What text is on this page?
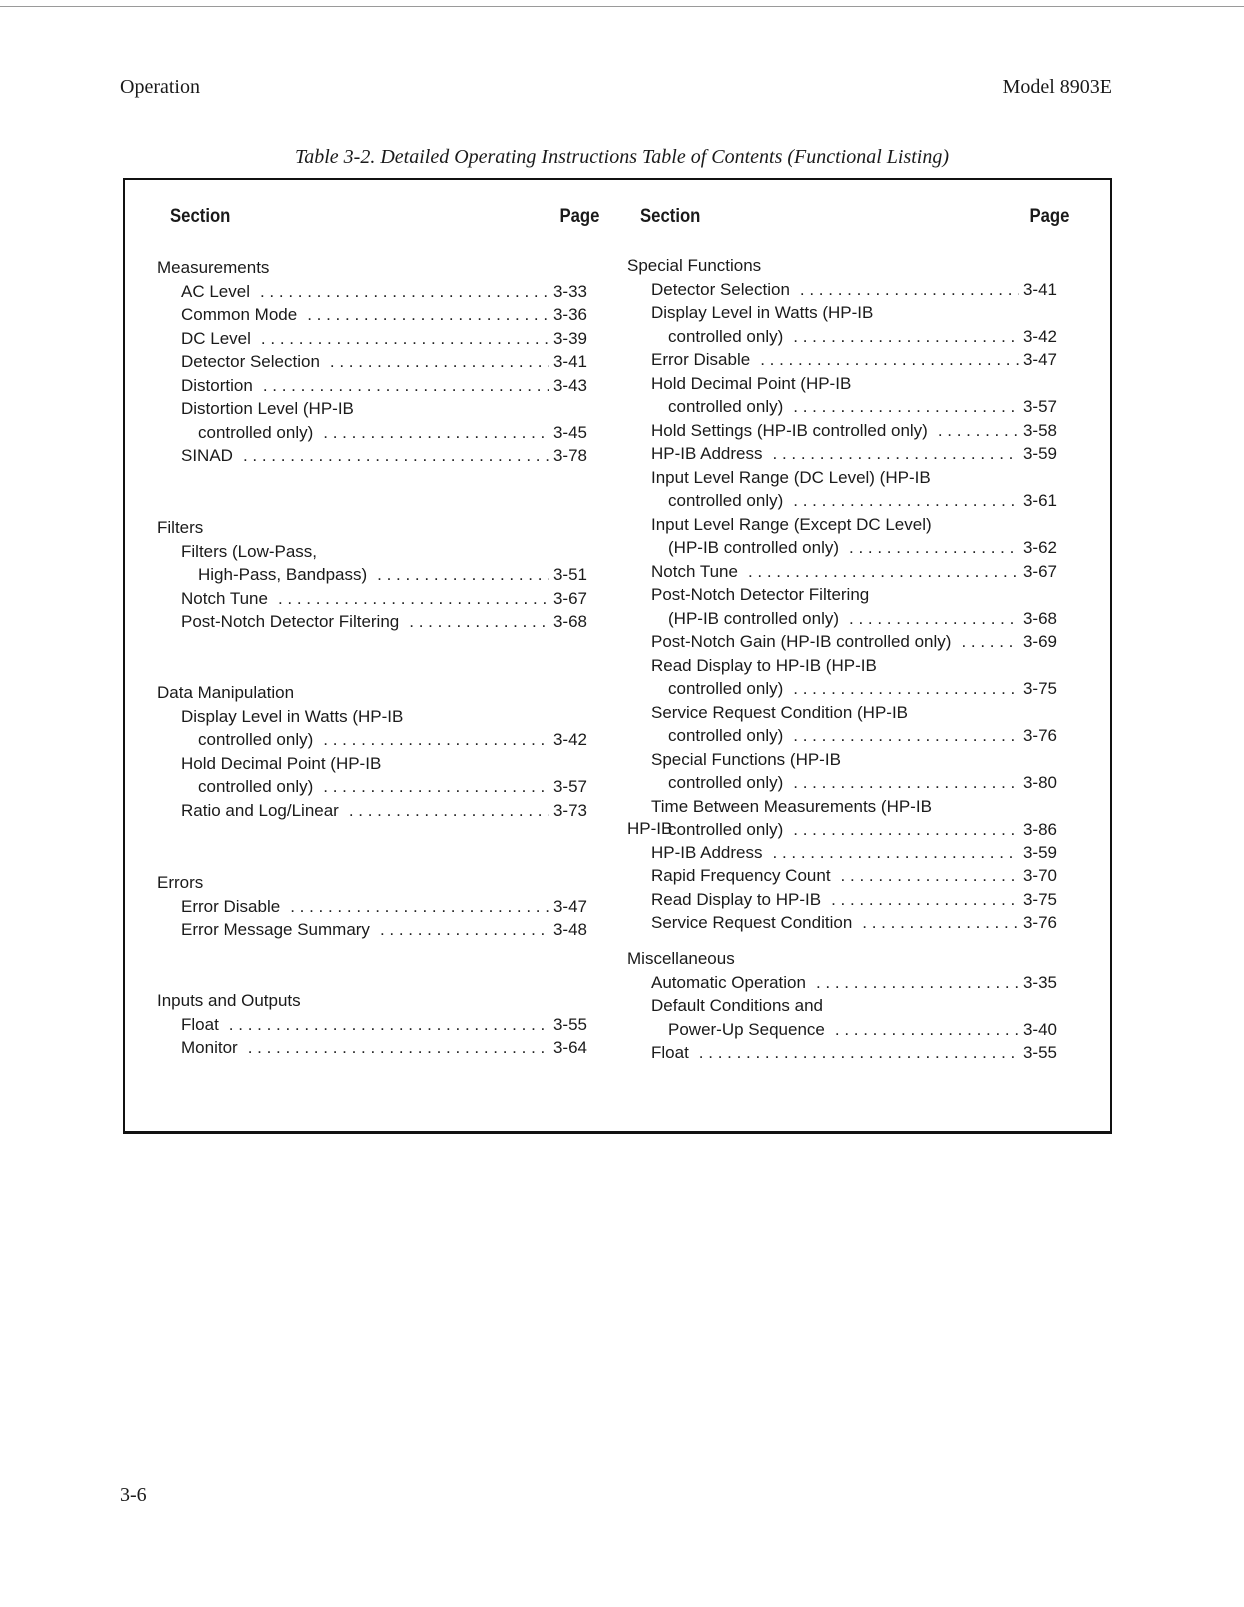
Operation	Model 8903E
Table 3-2. Detailed Operating Instructions Table of Contents (Functional Listing)
Section	Page
Measurements
AC Level . . .	3-33
Common Mode . . .	3-36
DC Level . . .	3-39
Detector Selection . . .	3-41
Distortion . . .	3-43
Distortion Level (HP-IB
controlled only) . . .	3-45
SINAD . . .	3-78
Filters
Filters (Low-Pass,
High-Pass, Bandpass) . . .	3-51
Notch Tune . . .	3-67
Post-Notch Detector Filtering . . .	3-68
Data Manipulation
Display Level in Watts (HP-IB
controlled only) . . .	3-42
Hold Decimal Point (HP-IB
controlled only) . . .	3-57
Ratio and Log/Linear . . .	3-73
Errors
Error Disable . . .	3-47
Error Message Summary . . .	3-48
Inputs and Outputs
Float . . .	3-55
Monitor . . .	3-64
Section	Page
Special Functions
Detector Selection . . .	3-41
Display Level in Watts (HP-IB
controlled only) . . .	3-42
Error Disable . . .	3-47
Hold Decimal Point (HP-IB
controlled only) . . .	3-57
Hold Settings (HP-IB controlled only) . . .	3-58
HP-IB Address . . .	3-59
Input Level Range (DC Level) (HP-IB
controlled only) . . .	3-61
Input Level Range (Except DC Level)
(HP-IB controlled only) . . .	3-62
Notch Tune . . .	3-67
Post-Notch Detector Filtering
(HP-IB controlled only) . . .	3-68
Post-Notch Gain (HP-IB controlled only) . . .	3-69
Read Display to HP-IB (HP-IB
controlled only) . . .	3-75
Service Request Condition (HP-IB
controlled only) . . .	3-76
Special Functions (HP-IB
controlled only) . . .	3-80
Time Between Measurements (HP-IB
controlled only) . . .	3-86
HP-IB
HP-IB Address . . .	3-59
Rapid Frequency Count . . .	3-70
Read Display to HP-IB . . .	3-75
Service Request Condition . . .	3-76
Miscellaneous
Automatic Operation . . .	3-35
Default Conditions and
Power-Up Sequence . . .	3-40
Float . . .	3-55
3-6
